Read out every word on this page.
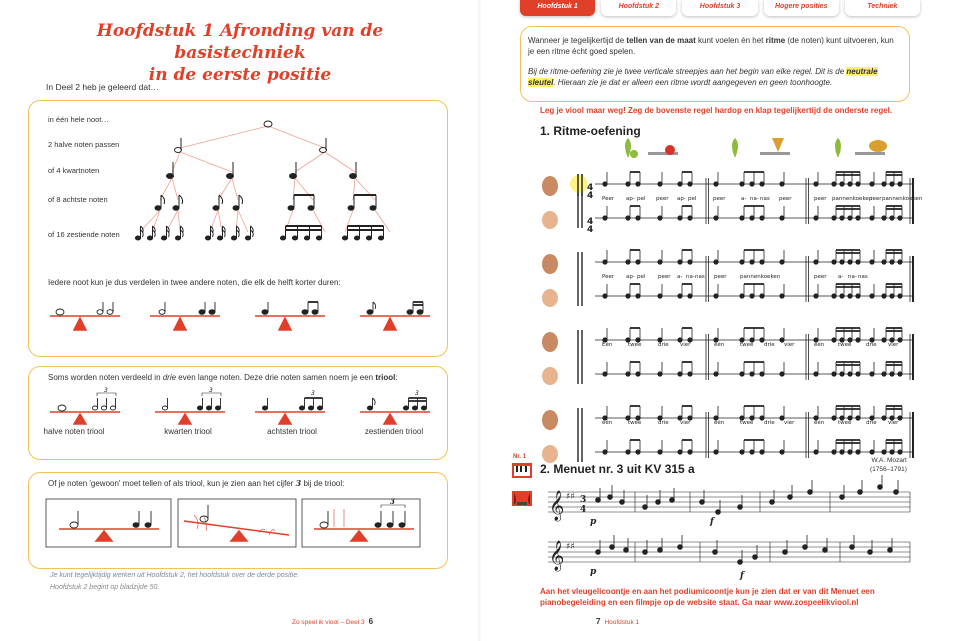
Hoofdstuk 1 Afronding van de basistechniek
in de eerste positie
In Deel 2 heb je geleerd dat…
in één hele noot…
2 halve noten passen
of 4 kwartnoten
of 8 achtste noten
of 16 zestiende noten
Iedere noot kun je dus verdelen in twee andere noten, die elk de helft korter duren:
Soms worden noten verdeeld in drie even lange noten. Deze drie noten samen noem je een triool:
3	3	3	3
halve noten triool	kwarten triool	achtsten triool	zestienden triool
Of je noten 'gewoon' moet tellen of als triool, kun je zien aan het cijfer 3 bij de triool:
3
Je kunt tegelijktijdig werken uit Hoofdstuk 2, het hoofdstuk over de derde positie.
Hoofdstuk 2 begint op bladzijde 50.
Zo speel ik viool – Deel 3 6
Hoofdstuk 1	Hoofdstuk 2	Hoofdstuk 3	Hogere posities	Techniek
Wanneer je tegelijkertijd de tellen van de maat kunt voelen én het ritme (de noten) kunt uitvoeren, kun je een ritme écht goed spelen.
Bij de ritme-oefening zie je twee verticale streepjes aan het begin van elke regel. Dit is de neutrale sleutel. Hieraan zie je dat er alleen een ritme wordt aangegeven en geen toonhoogte.
Leg je viool maar weg! Zeg de bovenste regel hardop en klap tegelijkertijd de onderste regel.
1. Ritme-oefening
4
4
4
4
Peer ap- pel peer ap- pel	peer	a- na- nas peer	peer pannenkoeken
peer pannenkoeken
Peer ap- pel peer a- na- nas peer pannenkoeken	peer a- na- nas
Één	twee	drie vier	één	twee drie vier	één twee	drie vier
één	twee	drie vier	één	twee drie vier	één twee	drie vier
Nr. 1
2. Menuet nr. 3 uit KV 315 a
W.A. Mozart
(1756–1791)
𝄞
𝄞
♯♯
♯♯
3
4
p	f
p	f
Aan het vleugelicoontje en aan het podiumicoontje kun je zien dat er van dit Menuet een pianobegeleiding en een filmpje op de website staat. Ga naar www.zospeelikviool.nl
7 Hoofdstuk 1
